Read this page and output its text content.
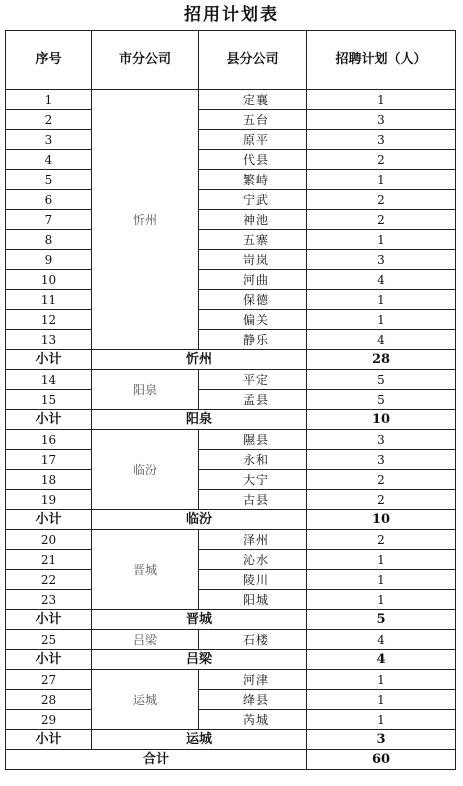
招用计划表
序号	市分公司	县分公司	招聘计划（人）
1	忻州	定襄	1
2		五台	3
3		原平	3
4		代县	2
5		繁峙	1
6		宁武	2
7		神池	2
8		五寨	1
9		岢岚	3
10		河曲	4
11		保德	1
12		偏关	1
13		静乐	4
小计	忻州		28
14	阳泉	平定	5
15		孟县	5
小计	阳泉		10
16	临汾	隰县	3
17		永和	3
18		大宁	2
19		古县	2
小计	临汾		10
20	晋城	泽州	2
21		沁水	1
22		陵川	1
23		阳城	1
小计	晋城		5
25	吕梁	石楼	4
小计	吕梁		4
27	运城	河津	1
28		绛县	1
29		芮城	1
小计	运城		3
合计			60
